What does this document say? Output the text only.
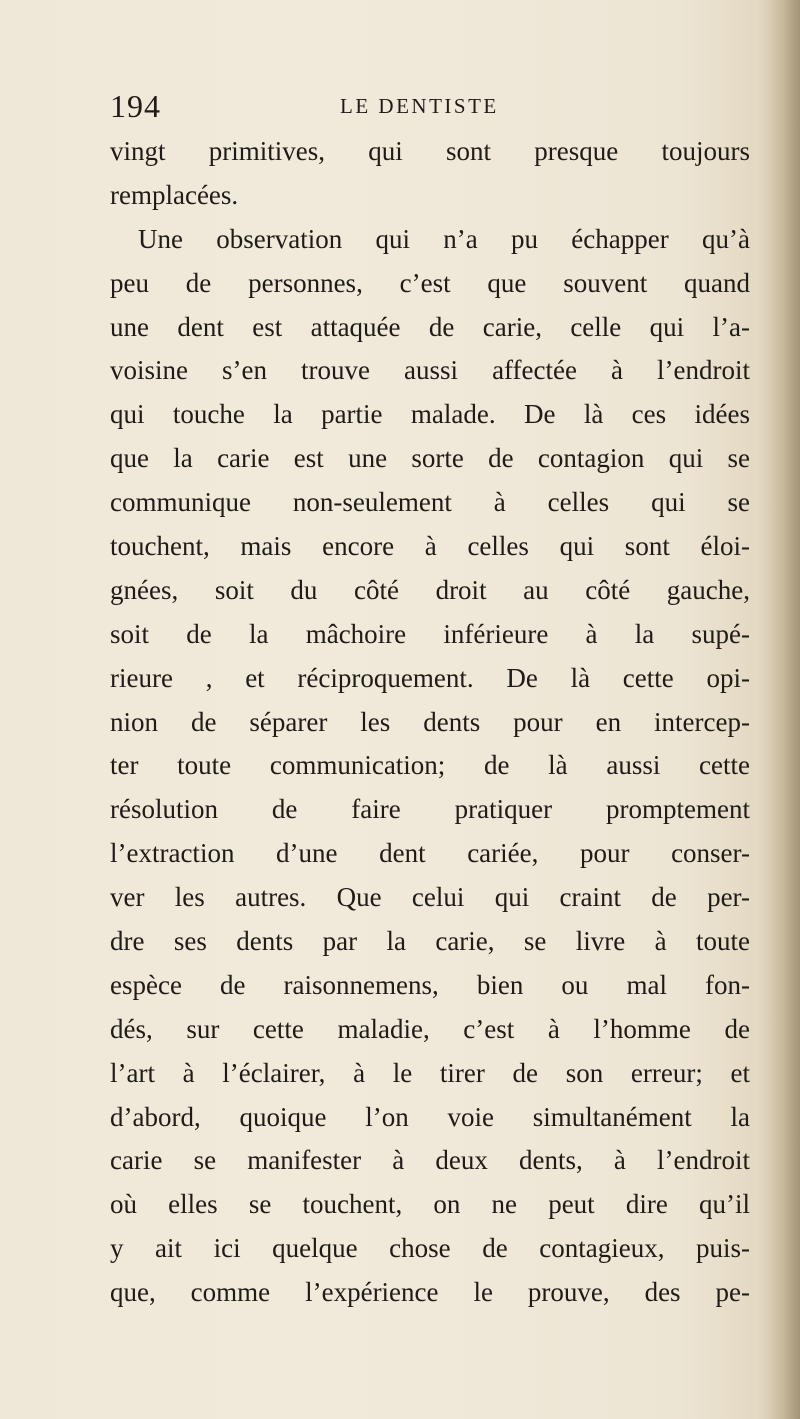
194	LE DENTISTE
vingt primitives, qui sont presque toujours
remplacées.
Une observation qui n’a pu échapper qu’à
peu de personnes, c’est que souvent quand
une dent est attaquée de carie, celle qui l’a-
voisine s’en trouve aussi affectée à l’endroit
qui touche la partie malade. De là ces idées
que la carie est une sorte de contagion qui se
communique non-seulement à celles qui se
touchent, mais encore à celles qui sont éloi-
gnées, soit du côté droit au côté gauche,
soit de la mâchoire inférieure à la supé-
rieure , et réciproquement. De là cette opi-
nion de séparer les dents pour en intercep-
ter toute communication; de là aussi cette
résolution de faire pratiquer promptement
l’extraction d’une dent cariée, pour conser-
ver les autres. Que celui qui craint de per-
dre ses dents par la carie, se livre à toute
espèce de raisonnemens, bien ou mal fon-
dés, sur cette maladie, c’est à l’homme de
l’art à l’éclairer, à le tirer de son erreur; et
d’abord, quoique l’on voie simultanément la
carie se manifester à deux dents, à l’endroit
où elles se touchent, on ne peut dire qu’il
y ait ici quelque chose de contagieux, puis-
que, comme l’expérience le prouve, des pe-
